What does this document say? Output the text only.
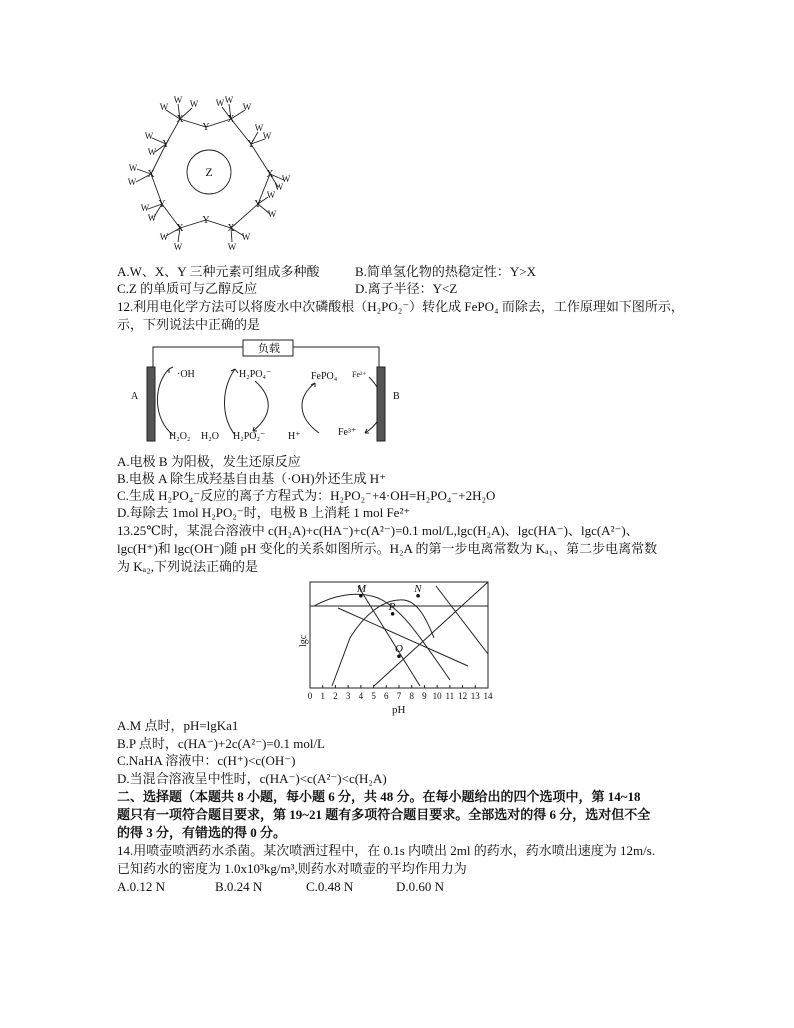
X	X
X
X
X
X
Y
Y
Y
Y
Y
Y
Z
W
W W	W
W
W
W
W
W
W
W
W
W
W
W
W
W
W
W
W
W
W
A.W、X、Y 三种元素可组成多种酸	B.简单氢化物的热稳定性：Y>X
C.Z 的单质可与乙醇反应	D.离子半径：Y<Z
12.利用电化学方法可以将废水中次磷酸根（H₂PO₂⁻）转化成 FePO₄ 而除去，工作原理如下图所示，
示，下列说法中正确的是
负载
A	B
·OH	H₂PO₄⁻	FePO₄ Fe²⁺
H₂O₂ H₂O H₂PO₂⁻ H⁺	Fe³⁺
A.电极 B 为阳极，发生还原反应
B.电极 A 除生成羟基自由基（·OH)外还生成 H⁺
C.生成 H₂PO₄⁻反应的离子方程式为：H₂PO₂⁻+4·OH=H₂PO₄⁻+2H₂O
D.每除去 1mol H₂PO₂⁻时，电极 B 上消耗 1 mol Fe²⁺
13.25℃时，某混合溶液中 c(H₂A)+c(HA⁻)+c(A²⁻)=0.1 mol/L,lgc(H₂A)、lgc(HA⁻)、lgc(A²⁻)、
lgc(H⁺)和 lgc(OH⁻)随 pH 变化的关系如图所示。H₂A 的第一步电离常数为 Kₐ₁、第二步电离常数
为 Kₐ₂,下列说法正确的是
0 1 2 3 4 5 6 7 8 9 10 11 12 13 14
M
P
N
O
lgc
pH
A.M 点时，pH=lgKa1
B.P 点时，c(HA⁻)+2c(A²⁻)=0.1 mol/L
C.NaHA 溶液中：c(H⁺)<c(OH⁻)
D.当混合溶液呈中性时，c(HA⁻)<c(A²⁻)<c(H₂A)
二、选择题（本题共 8 小题，每小题 6 分，共 48 分。在每小题给出的四个选项中，第 14~18
题只有一项符合题目要求，第 19~21 题有多项符合题目要求。全部选对的得 6 分，选对但不全
的得 3 分，有错选的得 0 分。
14.用喷壶喷洒药水杀菌。某次喷洒过程中，在 0.1s 内喷出 2ml 的药水，药水喷出速度为 12m/s.
已知药水的密度为 1.0x10³kg/m³,则药水对喷壶的平均作用力为
A.0.12 N	B.0.24 N	C.0.48 N	D.0.60 N
